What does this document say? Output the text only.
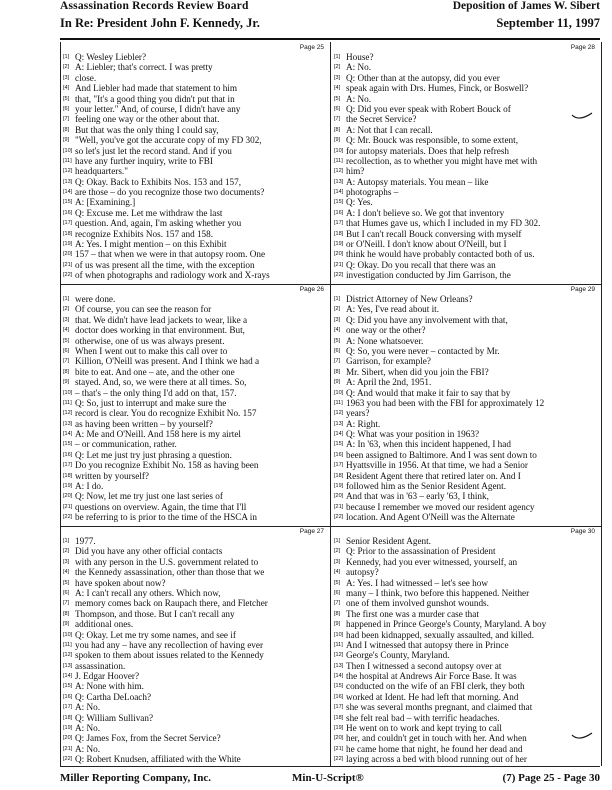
Assassination Records Review Board
In Re: President John F. Kennedy, Jr.
Deposition of James W. Sibert
September 11, 1997
Page 25
[1] Q: Wesley Liebler?
[2] A: Liebler; that's correct. I was pretty
[3] close.
[4] And Liebler had made that statement to him
[5] that, "It's a good thing you didn't put that in
[6] your letter." And, of course, I didn't have any
[7] feeling one way or the other about that.
[8] But that was the only thing I could say,
[9] "Well, you've got the accurate copy of my FD 302,
[10] so let's just let the record stand. And if you
[11] have any further inquiry, write to FBI
[12] headquarters."
[13] Q: Okay. Back to Exhibits Nos. 153 and 157,
[14] are those – do you recognize those two documents?
[15] A: [Examining.]
[16] Q: Excuse me. Let me withdraw the last
[17] question. And, again, I'm asking whether you
[18] recognize Exhibits Nos. 157 and 158.
[19] A: Yes. I might mention – on this Exhibit
[20] 157 – that when we were in that autopsy room. One
[21] of us was present all the time, with the exception
[22] of when photographs and radiology work and X-rays
Page 28
[1] House?
[2] A: No.
[3] Q: Other than at the autopsy, did you ever
[4] speak again with Drs. Humes, Finck, or Boswell?
[5] A: No.
[6] Q: Did you ever speak with Robert Bouck of
[7] the Secret Service?
[8] A: Not that I can recall.
[9] Q: Mr. Bouck was responsible, to some extent,
[10] for autopsy materials. Does that help refresh
[11] recollection, as to whether you might have met with
[12] him?
[13] A: Autopsy materials. You mean – like
[14] photographs –
[15] Q: Yes.
[16] A: I don't believe so. We got that inventory
[17] that Humes gave us, which I included in my FD 302.
[18] But I can't recall Bouck conversing with myself
[19] or O'Neill. I don't know about O'Neill, but I
[20] think he would have probably contacted both of us.
[21] Q: Okay. Do you recall that there was an
[22] investigation conducted by Jim Garrison, the
Page 26
[1] were done.
[2] Of course, you can see the reason for
[3] that. We didn't have lead jackets to wear, like a
[4] doctor does working in that environment. But,
[5] otherwise, one of us was always present.
[6] When I went out to make this call over to
[7] Killion, O'Neill was present. And I think we had a
[8] bite to eat. And one – ate, and the other one
[9] stayed. And, so, we were there at all times. So,
[10] – that's – the only thing I'd add on that, 157.
[11] Q: So, just to interrupt and make sure the
[12] record is clear. You do recognize Exhibit No. 157
[13] as having been written – by yourself?
[14] A: Me and O'Neill. And 158 here is my airtel
[15] – or communication, rather.
[16] Q: Let me just try just phrasing a question.
[17] Do you recognize Exhibit No. 158 as having been
[18] written by yourself?
[19] A: I do.
[20] Q: Now, let me try just one last series of
[21] questions on overview. Again, the time that I'll
[22] be referring to is prior to the time of the HSCA in
Page 29
[1] District Attorney of New Orleans?
[2] A: Yes, I've read about it.
[3] Q: Did you have any involvement with that,
[4] one way or the other?
[5] A: None whatsoever.
[6] Q: So, you were never – contacted by Mr.
[7] Garrison, for example?
[8] Mr. Sibert, when did you join the FBI?
[9] A: April the 2nd, 1951.
[10] Q: And would that make it fair to say that by
[11] 1963 you had been with the FBI for approximately 12
[12] years?
[13] A: Right.
[14] Q: What was your position in 1963?
[15] A: In '63, when this incident happened, I had
[16] been assigned to Baltimore. And I was sent down to
[17] Hyattsville in 1956. At that time, we had a Senior
[18] Resident Agent there that retired later on. And I
[19] followed him as the Senior Resident Agent.
[20] And that was in '63 – early '63, I think,
[21] because I remember we moved our resident agency
[22] location. And Agent O'Neill was the Alternate
Page 27
[1] 1977.
[2] Did you have any other official contacts
[3] with any person in the U.S. government related to
[4] the Kennedy assassination, other than those that we
[5] have spoken about now?
[6] A: I can't recall any others. Which now,
[7] memory comes back on Raupach there, and Fletcher
[8] Thompson, and those. But I can't recall any
[9] additional ones.
[10] Q: Okay. Let me try some names, and see if
[11] you had any – have any recollection of having ever
[12] spoken to them about issues related to the Kennedy
[13] assassination.
[14] J. Edgar Hoover?
[15] A: None with him.
[16] Q: Cartha DeLoach?
[17] A: No.
[18] Q: William Sullivan?
[19] A: No.
[20] Q: James Fox, from the Secret Service?
[21] A: No.
[22] Q: Robert Knudsen, affiliated with the White
Page 30
[1] Senior Resident Agent.
[2] Q: Prior to the assassination of President
[3] Kennedy, had you ever witnessed, yourself, an
[4] autopsy?
[5] A: Yes. I had witnessed – let's see how
[6] many – I think, two before this happened. Neither
[7] one of them involved gunshot wounds.
[8] The first one was a murder case that
[9] happened in Prince George's County, Maryland. A boy
[10] had been kidnapped, sexually assaulted, and killed.
[11] And I witnessed that autopsy there in Prince
[12] George's County, Maryland.
[13] Then I witnessed a second autopsy over at
[14] the hospital at Andrews Air Force Base. It was
[15] conducted on the wife of an FBI clerk, they both
[16] worked at Ident. He had left that morning. And
[17] she was several months pregnant, and claimed that
[18] she felt real bad – with terrific headaches.
[19] He went on to work and kept trying to call
[20] her, and couldn't get in touch with her. And when
[21] he came home that night, he found her dead and
[22] laying across a bed with blood running out of her
Miller Reporting Company, Inc.	Min-U-Script®	(7) Page 25 - Page 30
